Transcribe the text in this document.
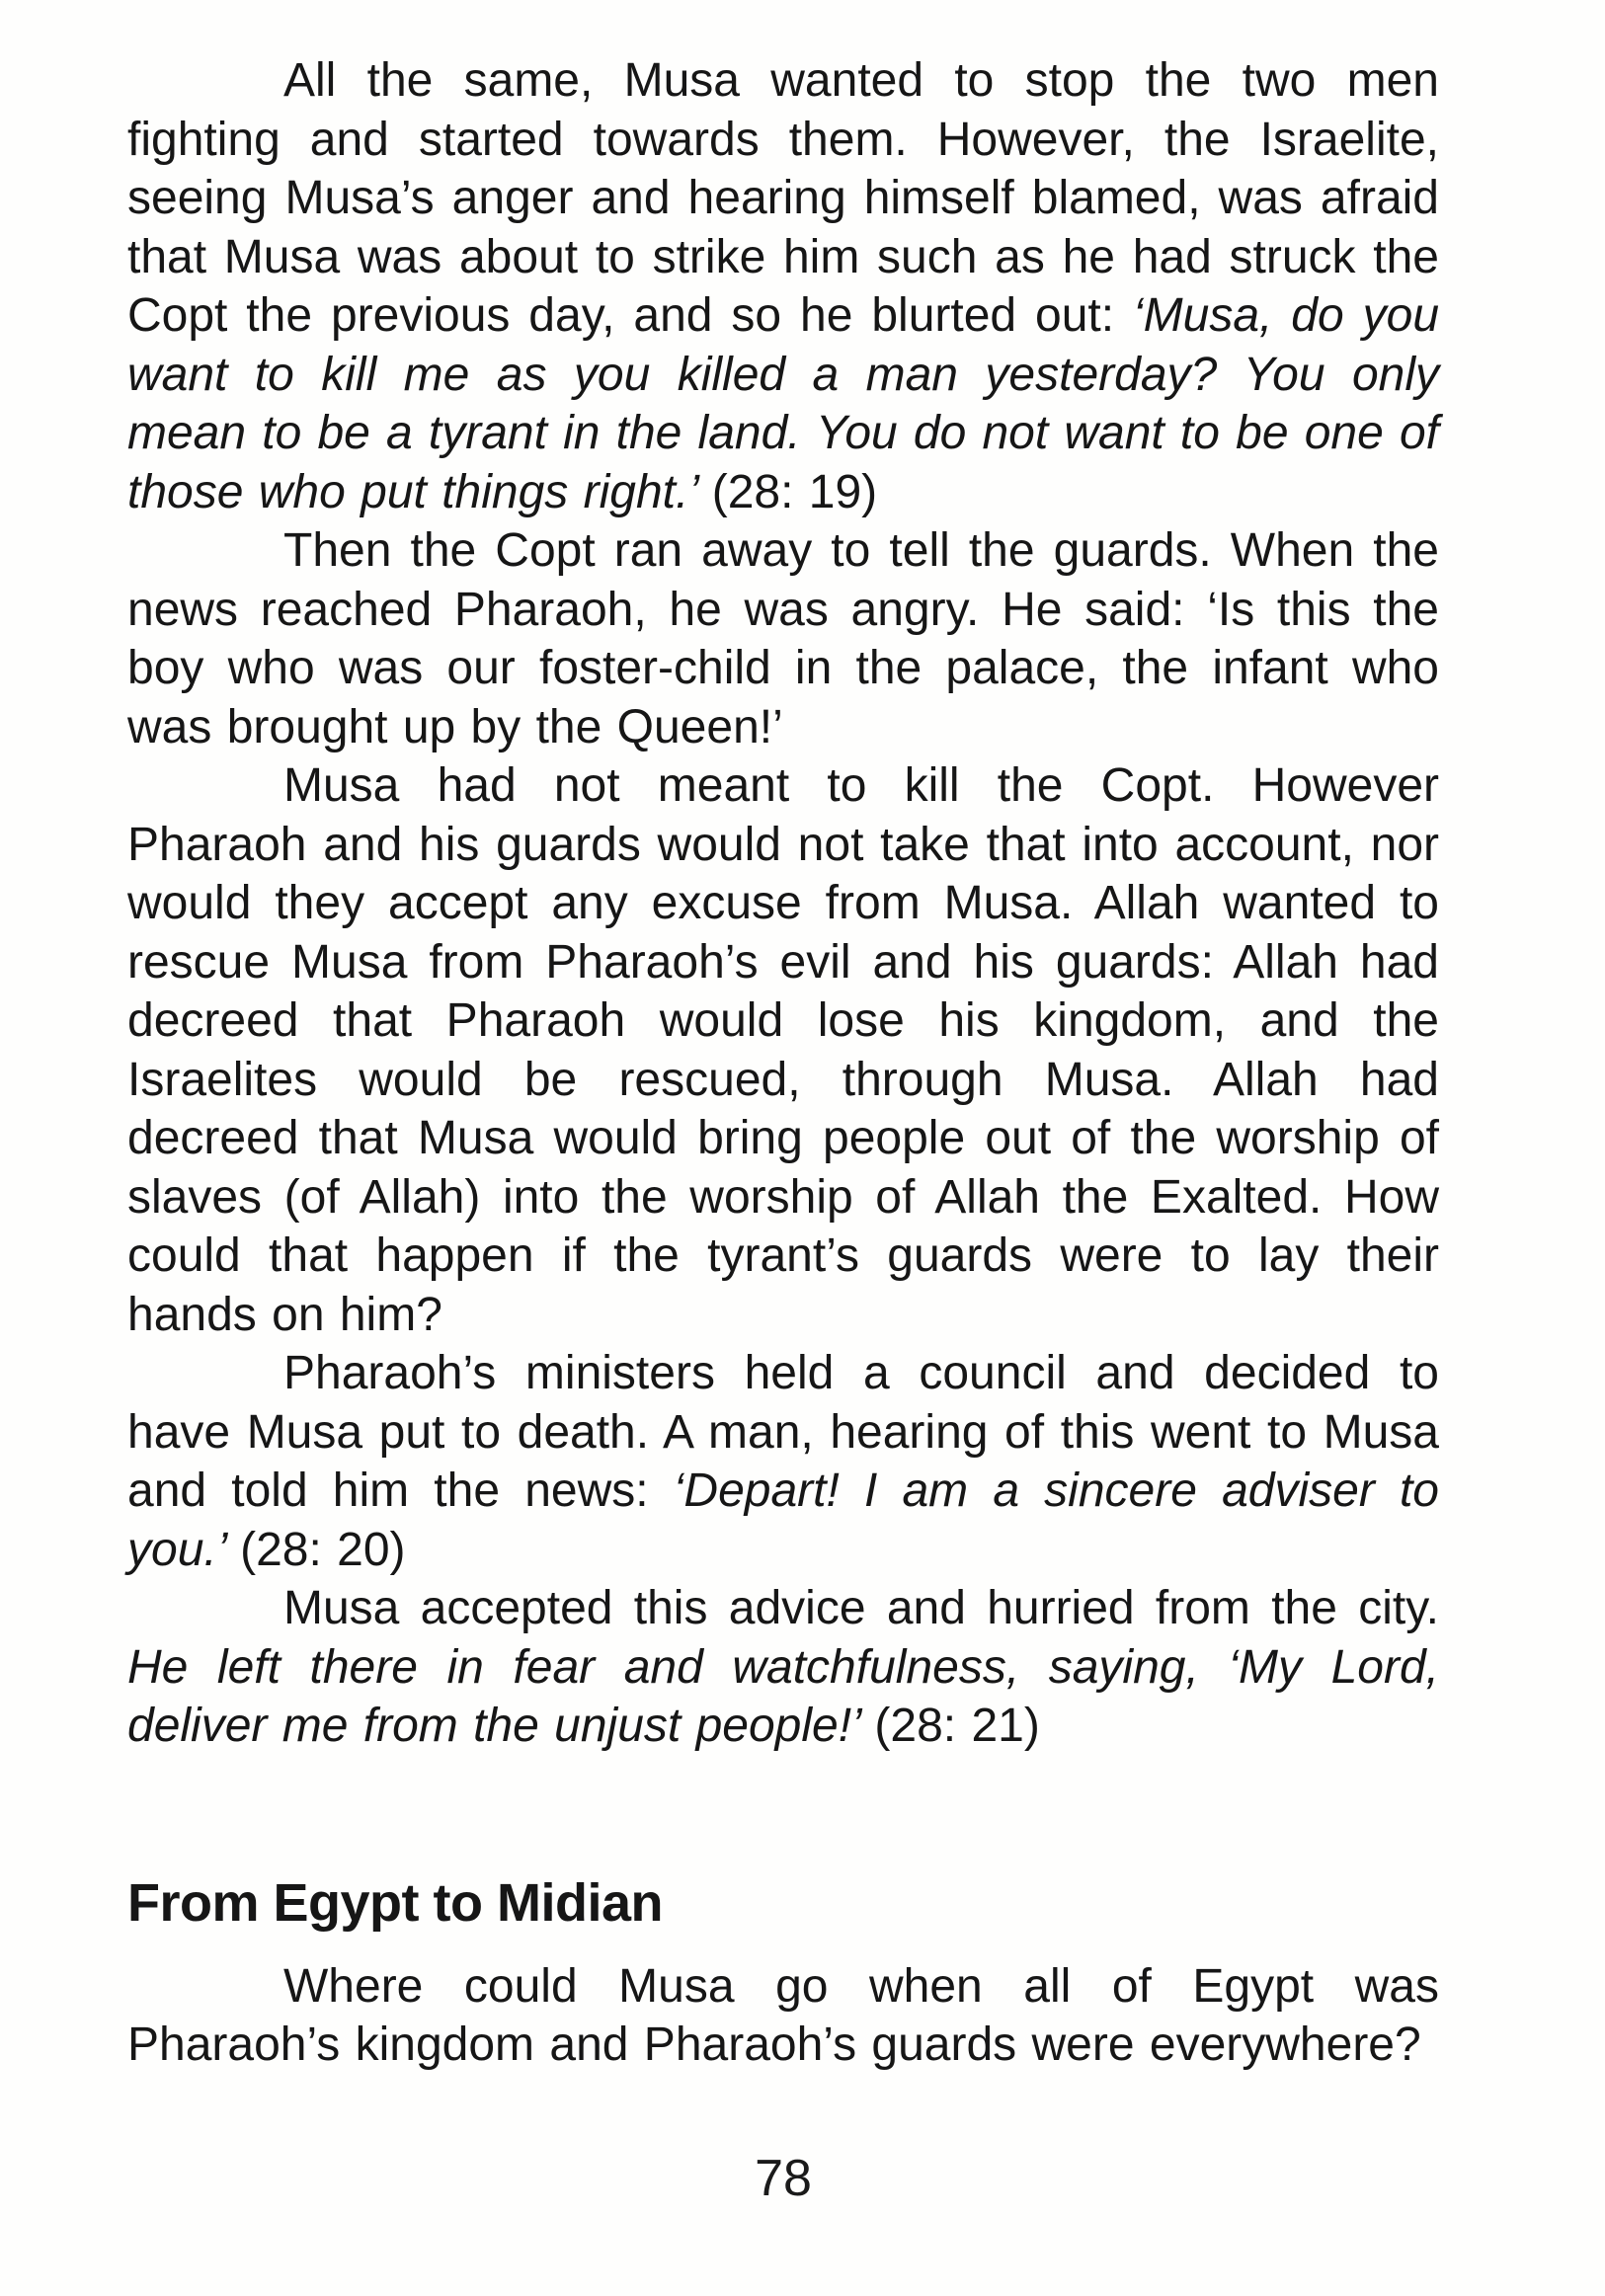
All the same, Musa wanted to stop the two men fighting and started towards them. However, the Israelite, seeing Musa’s anger and hearing himself blamed, was afraid that Musa was about to strike him such as he had struck the Copt the previous day, and so he blurted out: ‘Musa, do you want to kill me as you killed a man yesterday? You only mean to be a tyrant in the land. You do not want to be one of those who put things right.’ (28: 19)

Then the Copt ran away to tell the guards. When the news reached Pharaoh, he was angry. He said: ‘Is this the boy who was our foster-child in the palace, the infant who was brought up by the Queen!’

Musa had not meant to kill the Copt. However Pharaoh and his guards would not take that into account, nor would they accept any excuse from Musa. Allah wanted to rescue Musa from Pharaoh’s evil and his guards: Allah had decreed that Pharaoh would lose his kingdom, and the Israelites would be rescued, through Musa. Allah had decreed that Musa would bring people out of the worship of slaves (of Allah) into the worship of Allah the Exalted. How could that happen if the tyrant’s guards were to lay their hands on him?

Pharaoh’s ministers held a council and decided to have Musa put to death. A man, hearing of this went to Musa and told him the news: ‘Depart! I am a sincere adviser to you.’ (28: 20)

Musa accepted this advice and hurried from the city. He left there in fear and watchfulness, saying, ‘My Lord, deliver me from the unjust people!’ (28: 21)

From Egypt to Midian

Where could Musa go when all of Egypt was Pharaoh’s kingdom and Pharaoh’s guards were everywhere?

78
